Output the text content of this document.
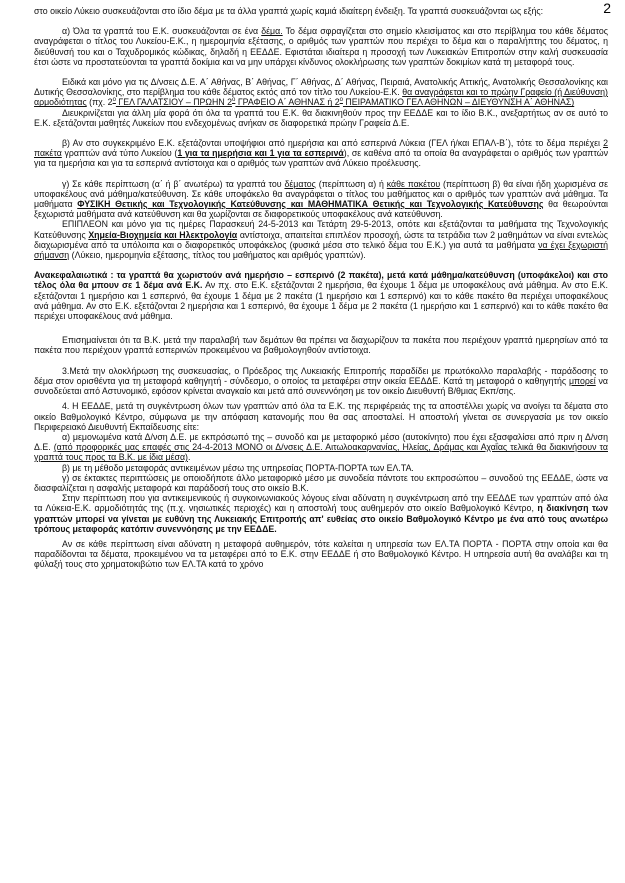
2

στο οικείο Λύκειο συσκευάζονται στο ίδιο δέμα με τα άλλα γραπτά χωρίς καμιά ιδιαίτερη ένδειξη. Τα γραπτά συσκευάζονται ως εξής:

α) Όλα τα γραπτά του Ε.Κ. συσκευάζονται σε ένα δέμα. Το δέμα σφραγίζεται στο σημείο κλεισίματος και στο περίβλημα του κάθε δέματος αναγράφεται ο τίτλος του Λυκείου-Ε.Κ., η ημερομηνία εξέτασης, ο αριθμός των γραπτών που περιέχει το δέμα και ο παραλήπτης του δέματος, η διεύθυνσή του και ο Ταχυδρομικός κώδικας, δηλαδή η ΕΕΔΔΕ. Εφιστάται ιδιαίτερα η προσοχή των Λυκειακών Επιτροπών στην καλή συσκευασία έτσι ώστε να προστατεύονται τα γραπτά δοκίμια και να μην υπάρχει κίνδυνος ολοκλήρωσης των γραπτών δοκιμίων κατά τη μεταφορά τους.

Ειδικά και μόνο για τις Δ/νσεις Δ.Ε. Α΄ Αθήνας, Β΄ Αθήνας, Γ΄ Αθήνας, Δ΄ Αθήνας, Πειραιά, Ανατολικής Αττικής, Ανατολικής Θεσσαλονίκης και Δυτικής Θεσσαλονίκης, στο περίβλημα του κάθε δέματος εκτός από τον τίτλο του Λυκείου-Ε.Κ. θα αναγράφεται και το πρώην Γραφείο (ή Διεύθυνση) αρμοδιότητας (πχ. $2^o$ ΓΕΛ ΓΑΛΑΤΣΙΟΥ – ΠΡΩΗΝ $2^o$ ΓΡΑΦΕΙΟ Α΄ ΑΘΗΝΑΣ ή $2^o$ ΠΕΙΡΑΜΑΤΙΚΟ ΓΕΛ ΑΘΗΝΩΝ – ΔΙΕΥΘΥΝΣΗ Α΄ ΑΘΗΝΑΣ)

Διευκρινίζεται για άλλη μία φορά ότι όλα τα γραπτά του Ε.Κ. θα διακινηθούν προς την ΕΕΔΔΕ και το ίδιο Β.Κ., ανεξαρτήτως αν σε αυτό το Ε.Κ. εξετάζονται μαθητές Λυκείων που ενδεχομένως ανήκαν σε διαφορετικά πρώην Γραφεία Δ.Ε.

β) Αν στο συγκεκριμένο Ε.Κ. εξετάζονται υποψήφιοι από ημερήσια και από εσπερινά Λύκεια (ΓΕΛ ή/και ΕΠΑΛ-Β΄), τότε το δέμα περιέχει 2 πακέτα γραπτών ανά τύπο Λυκείου (1 για τα ημερήσια και 1 για τα εσπερινά), σε καθένα από τα οποία θα αναγράφεται ο αριθμός των γραπτών για τα ημερήσια και για τα εσπερινά αντίστοιχα και ο αριθμός των γραπτών ανά Λύκειο προέλευσης.

γ) Σε κάθε περίπτωση (α΄ ή β΄ ανωτέρω) τα γραπτά του δέματος (περίπτωση α) ή κάθε πακέτου (περίπτωση β) θα είναι ήδη χωρισμένα σε υποφακέλους ανά μάθημα/κατεύθυνση. Σε κάθε υποφάκελο θα αναγράφεται ο τίτλος του μαθήματος και ο αριθμός των γραπτών ανά μάθημα. Τα μαθήματα ΦΥΣΙΚΗ Θετικής και Τεχνολογικής Κατεύθυνσης και ΜΑΘΗΜΑΤΙΚΑ Θετικής και Τεχνολογικής Κατεύθυνσης θα θεωρούνται ξεχωριστά μαθήματα ανά κατεύθυνση και θα χωρίζονται σε διαφορετικούς υποφακέλους ανά κατεύθυνση.

ΕΠΙΠΛΕΟΝ και μόνο για τις ημέρες Παρασκευή 24-5-2013 και Τετάρτη 29-5-2013, οπότε και εξετάζονται τα μαθήματα της Τεχνολογικής Κατεύθυνσης Χημεία-Βιοχημεία και Ηλεκτρολογία αντίστοιχα, απαιτείται επιπλέον προσοχή, ώστε τα τετράδια των 2 μαθημάτων να είναι εντελώς διαχωρισμένα από τα υπόλοιπα και ο διαφορετικός υποφάκελος (φυσικά μέσα στο τελικό δέμα του Ε.Κ.) για αυτά τα μαθήματα να έχει ξεχωριστή σήμανση (Λύκειο, ημερομηνία εξέτασης, τίτλος του μαθήματος και αριθμός γραπτών).

Ανακεφαλαιωτικά : τα γραπτά θα χωριστούν ανά ημερήσιο – εσπερινό (2 πακέτα), μετά κατά μάθημα/κατεύθυνση (υποφάκελοι) και στο τέλος όλα θα μπουν σε 1 δέμα ανά Ε.Κ. Αν πχ. στο Ε.Κ. εξετάζονται 2 ημερήσια, θα έχουμε 1 δέμα με υποφακέλους ανά μάθημα. Αν στο Ε.Κ. εξετάζονται 1 ημερήσιο και 1 εσπερινό, θα έχουμε 1 δέμα με 2 πακέτα (1 ημερήσιο και 1 εσπερινό) και το κάθε πακέτο θα περιέχει υποφακέλους ανά μάθημα. Αν στο Ε.Κ. εξετάζονται 2 ημερήσια και 1 εσπερινό, θα έχουμε 1 δέμα με 2 πακέτα (1 ημερήσιο και 1 εσπερινό) και το κάθε πακέτο θα περιέχει υποφακέλους ανά μάθημα.

Επισημαίνεται ότι τα Β.Κ. μετά την παραλαβή των δεμάτων θα πρέπει να διαχωρίζουν τα πακέτα που περιέχουν γραπτά ημερησίων από τα πακέτα που περιέχουν γραπτά εσπερινών προκειμένου να βαθμολογηθούν αντίστοιχα.

3.Μετά την ολοκλήρωση της συσκευασίας, ο Πρόεδρος της Λυκειακής Επιτροπής παραδίδει με πρωτόκολλο παραλαβής - παράδοσης το δέμα στον ορισθέντα για τη μεταφορά καθηγητή - σύνδεσμο, ο οποίος τα μεταφέρει στην οικεία ΕΕΔΔΕ. Κατά τη μεταφορά ο καθηγητής μπορεί να συνοδεύεται από Αστυνομικό, εφόσον κρίνεται αναγκαίο και μετά από συνεννόηση με τον οικείο Διευθυντή Β/θμιας Εκπ/σης.

4. Η ΕΕΔΔΕ, μετά τη συγκέντρωση όλων των γραπτών από όλα τα Ε.Κ. της περιφέρειάς της τα αποστέλλει χωρίς να ανοίγει τα δέματα στο οικείο Βαθμολογικό Κέντρο, σύμφωνα με την απόφαση κατανομής που θα σας αποσταλεί. Η αποστολή γίνεται σε συνεργασία με τον οικείο Περιφερειακό Διευθυντή Εκπαίδευσης είτε:

α) μεμονωμένα κατά Δ/νση Δ.Ε. με εκπρόσωπό της – συνοδό και με μεταφορικό μέσο (αυτοκίνητο) που έχει εξασφαλίσει από πριν η Δ/νση Δ.Ε. (από προφορικές μας επαφές στις 24-4-2013 ΜΟΝΟ οι Δ/νσεις Δ.Ε. Αιτωλοακαρνανίας, Ηλείας, Δράμας και Αχαΐας τελικά θα διακινήσουν τα γραπτά τους προς τα Β.Κ. με ίδια μέσα).

β) με τη μέθοδο μεταφοράς αντικειμένων μέσω της υπηρεσίας ΠΟΡΤΑ-ΠΟΡΤΑ των ΕΛ.ΤΑ.

γ) σε έκτακτες περιπτώσεις με οποιοδήποτε άλλο μεταφορικό μέσο με συνοδεία πάντοτε του εκπροσώπου – συνοδού της ΕΕΔΔΕ, ώστε να διασφαλίζεται η ασφαλής μεταφορά και παράδοσή τους στο οικείο Β.Κ.

Στην περίπτωση που για αντικειμενικούς ή συγκοινωνιακούς λόγους είναι αδύνατη η συγκέντρωση από την ΕΕΔΔΕ των γραπτών από όλα τα Λύκεια-Ε.Κ. αρμοδιότητάς της (π.χ. νησιωτικές περιοχές) και η αποστολή τους αυθημερόν στο οικείο Βαθμολογικό Κέντρο, η διακίνηση των γραπτών μπορεί να γίνεται με ευθύνη της Λυκειακής Επιτροπής απ' ευθείας στο οικείο Βαθμολογικό Κέντρο με ένα από τους ανωτέρω τρόπους μεταφοράς κατόπιν συνεννόησης με την ΕΕΔΔΕ.

Αν σε κάθε περίπτωση είναι αδύνατη η μεταφορά αυθημερόν, τότε καλείται η υπηρεσία των ΕΛ.ΤΑ ΠΟΡΤΑ - ΠΟΡΤΑ στην οποία και θα παραδίδονται τα δέματα, προκειμένου να τα μεταφέρει από το Ε.Κ. στην ΕΕΔΔΕ ή στο Βαθμολογικό Κέντρο. Η υπηρεσία αυτή θα αναλάβει και τη φύλαξή τους στο χρηματοκιβώτιο των ΕΛ.ΤΑ κατά το χρόνο
